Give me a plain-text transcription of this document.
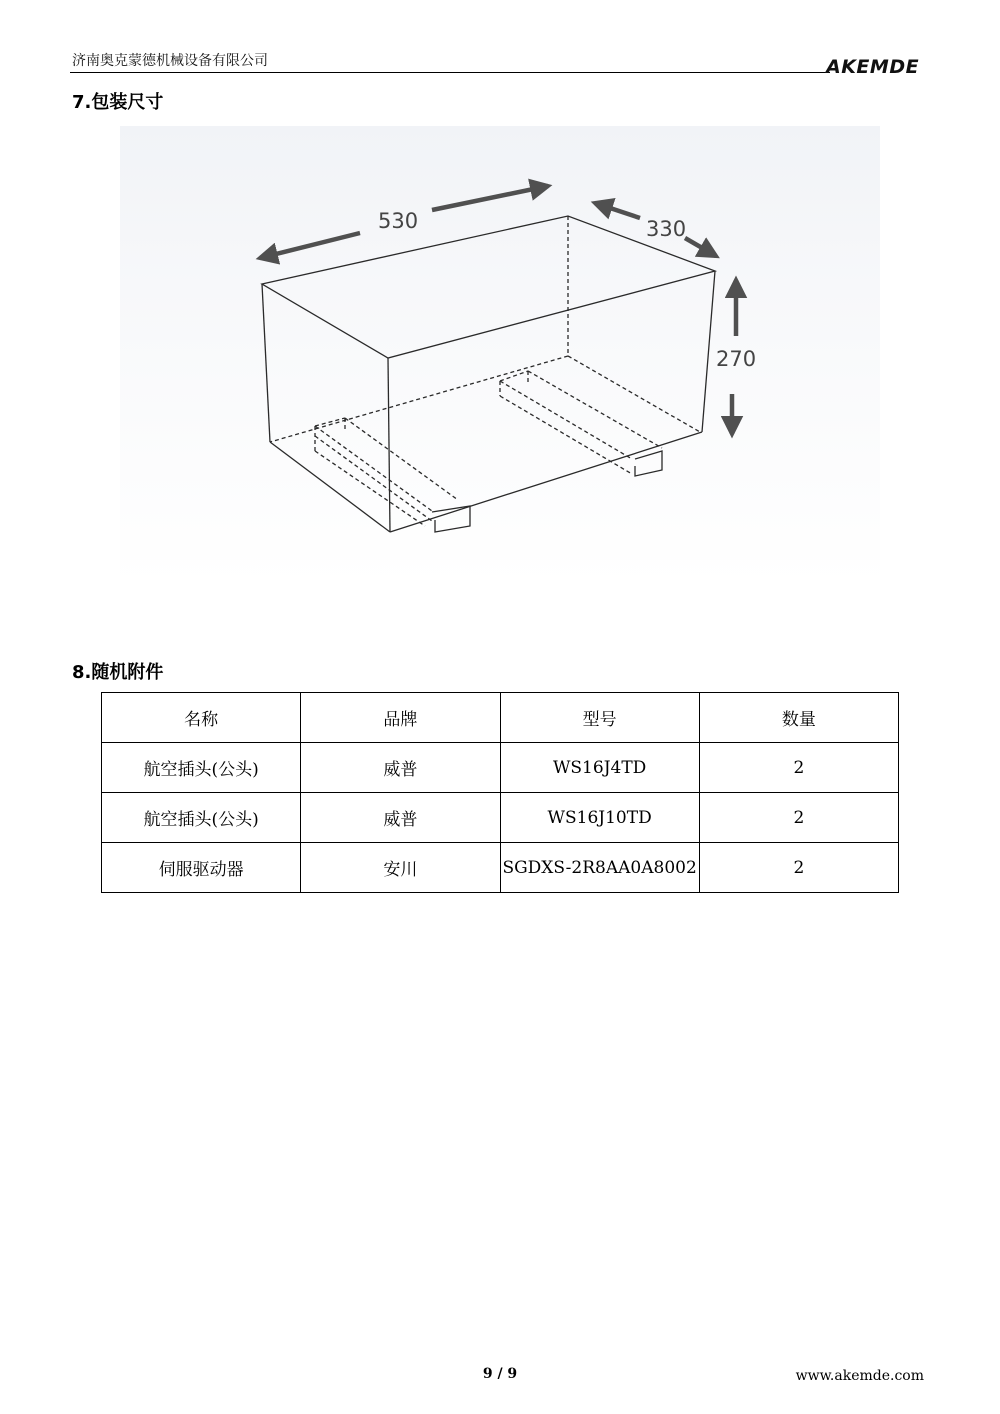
济南奥克蒙德机械设备有限公司	AKEMDE
7.包装尺寸
530	330
270
8.随机附件
名称	品牌	型号	数量
航空插头(公头)	威普	WS16J4TD	2
航空插头(公头)	威普	WS16J10TD	2
伺服驱动器	安川	SGDXS-2R8AA0A8002	2
9 / 9	www.akemde.com
